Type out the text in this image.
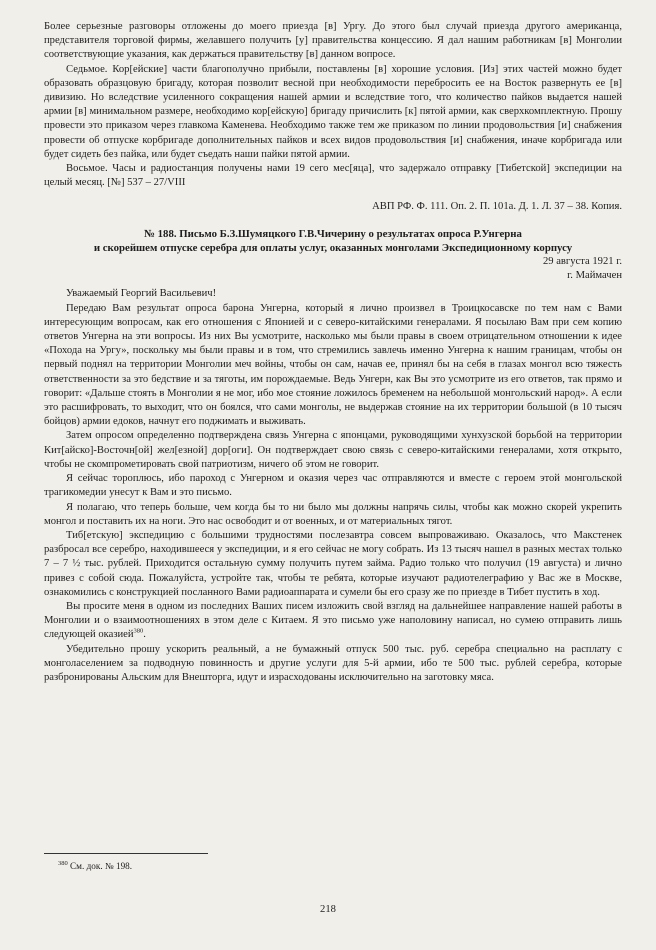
Более серьезные разговоры отложены до моего приезда [в] Ургу. До этого был случай приезда другого американца, представителя торговой фирмы, желавшего получить [у] правительства концессию. Я дал нашим работникам [в] Монголии соответствующие указания, как держаться правительству [в] данном вопросе.

Седьмое. Кор[ейские] части благополучно прибыли, поставлены [в] хорошие условия. [Из] этих частей можно будет образовать образцовую бригаду, которая позволит весной при необходимости перебросить ее на Восток развернуть ее [в] дивизию. Но вследствие усиленного сокращения нашей армии и вследствие того, что количество пайков выдается нашей армии [в] минимальном размере, необходимо кор[ейскую] бригаду причислить [к] пятой армии, как сверхкомплектную. Прошу провести это приказом через главкома Каменева. Необходимо также тем же приказом по линии продовольствия [и] снабжения провести об отпуске корбригаде дополнительных пайков и всех видов продовольствия [и] снабжения, иначе корбригада или будет сидеть без пайка, или будет съедать наши пайки пятой армии.

Восьмое. Часы и радиостанция получены нами 19 сего мес[яца], что задержало отправку [Тибетской] экспедиции на целый месяц. [№] 537 – 27/VIII

АВП РФ. Ф. 111. Оп. 2. П. 101а. Д. 1. Л. 37 – 38. Копия.
№ 188. Письмо Б.З.Шумяцкого Г.В.Чичерину о результатах опроса Р.Унгерна
и скорейшем отпуске серебра для оплаты услуг, оказанных монголами Экспедиционному корпусу
29 августа 1921 г.
г. Маймачен

Уважаемый Георгий Васильевич!

Передаю Вам результат опроса барона Унгерна, который я лично произвел в Троицкосавске по тем нам с Вами интересующим вопросам, как его отношения с Японией и с северо-китайскими генералами. Я посылаю Вам при сем копию ответов Унгерна на эти вопросы. Из них Вы усмотрите, насколько мы были правы в своем отрицательном отношении к идее «Похода на Ургу», поскольку мы были правы и в том, что стремились завлечь именно Унгерна к нашим границам, чтобы он первый поднял на территории Монголии меч войны, чтобы он сам, начав ее, принял бы на себя в глазах монгол всю тяжесть ответственности за это бедствие и за тяготы, им порождаемые. Ведь Унгерн, как Вы это усмотрите из его ответов, так прямо и говорит: «Дальше стоять в Монголии я не мог, ибо мое стояние ложилось бременем на небольшой монгольский народ». А если это расшифровать, то выходит, что он боялся, что сами монголы, не выдержав стояние на их территории большой (в 10 тысяч бойцов) армии едоков, начнут его поджимать и выживать.

Затем опросом определенно подтверждена связь Унгерна с японцами, руководящими хунхузской борьбой на территории Кит[айско]-Восточн[ой] жел[езной] дор[оги]. Он подтверждает свою связь с северо-китайскими генералами, хотя открыто, чтобы не скомпрометировать свой патриотизм, ничего об этом не говорит.

Я сейчас тороплюсь, ибо пароход с Унгерном и оказия через час отправляются и вместе с героем этой монгольской трагикомедии унесут к Вам и это письмо.

Я полагаю, что теперь больше, чем когда бы то ни было мы должны напрячь силы, чтобы как можно скорей укрепить монгол и поставить их на ноги. Это нас освободит и от военных, и от материальных тягот.

Тиб[етскую] экспедицию с большими трудностями послезавтра совсем выпроваживаю. Оказалось, что Макстенек разбросал все серебро, находившееся у экспедиции, и я его сейчас не могу собрать. Из 13 тысяч нашел в разных местах только 7 – 7 ½ тыс. рублей. Приходится остальную сумму получить путем займа. Радио только что получил (19 августа) и лично привез с собой сюда. Пожалуйста, устройте так, чтобы те ребята, которые изучают радиотелеграфию у Вас же в Москве, ознакомились с конструкцией посланного Вами радиоаппарата и сумели бы его сразу же по приезде в Тибет пустить в ход.

Вы просите меня в одном из последних Ваших писем изложить свой взгляд на дальнейшее направление нашей работы в Монголии и о взаимоотношениях в этом деле с Китаем. Я это письмо уже наполовину написал, но сумею отправить лишь следующей оказией$^{380}$.

Убедительно прошу ускорить реальный, а не бумажный отпуск 500 тыс. руб. серебра специально на расплату с монголаселением за подводную повинность и другие услуги для 5-й армии, ибо те 500 тыс. рублей серебра, которые разбронированы Альским для Внешторга, идут и израсходованы исключительно на заготовку мяса.

$^{380}$ См. док. № 198.
218
